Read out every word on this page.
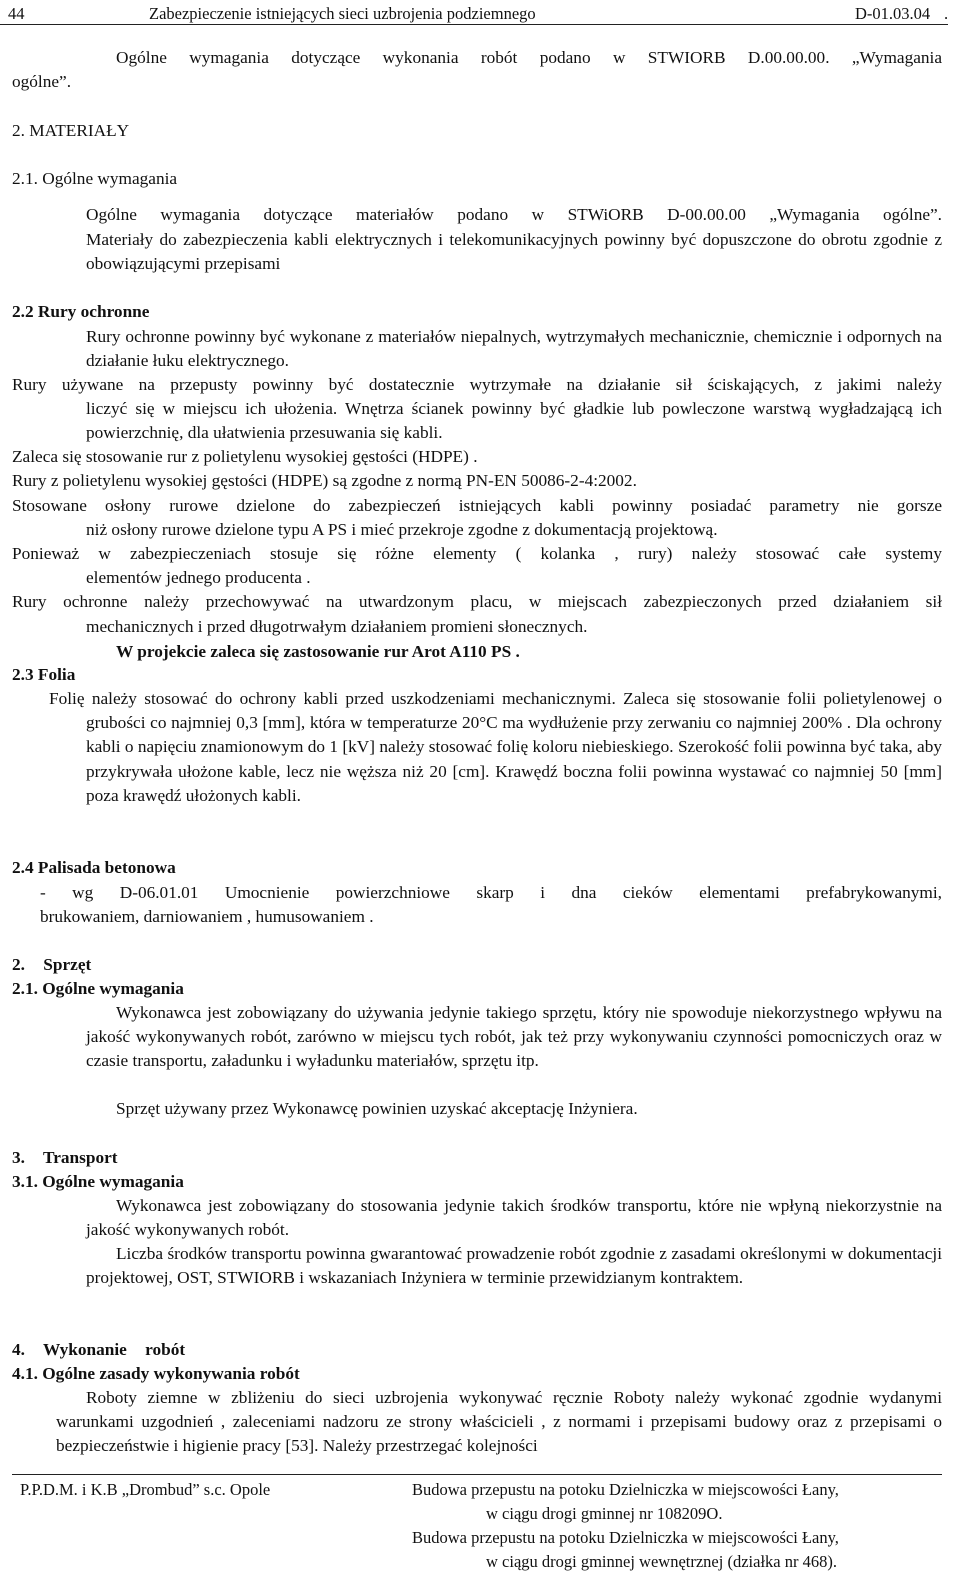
44	Zabezpieczenie istniejących sieci uzbrojenia podziemnego	D-01.03.04 .
Ogólne wymagania dotyczące wykonania robót podano w STWIORB D.00.00.00. „Wymagania
ogólne”.
2. MATERIAŁY
2.1. Ogólne wymagania
Ogólne wymagania dotyczące materiałów podano w STWiORB D-00.00.00 „Wymagania ogólne”.
Materiały do zabezpieczenia kabli elektrycznych i telekomunikacyjnych powinny być dopuszczone do obrotu zgodnie z obowiązującymi przepisami
2.2 Rury ochronne
Rury ochronne powinny być wykonane z materiałów niepalnych, wytrzymałych mechanicznie, chemicznie i odpornych na działanie łuku elektrycznego.
Rury używane na przepusty powinny być dostatecznie wytrzymałe na działanie sił ściskających, z jakimi należy
liczyć się w miejscu ich ułożenia. Wnętrza ścianek powinny być gładkie lub powleczone warstwą wygładzającą ich powierzchnię, dla ułatwienia przesuwania się kabli.
Zaleca się stosowanie rur z polietylenu wysokiej gęstości (HDPE) .
Rury z polietylenu wysokiej gęstości (HDPE) są zgodne z normą PN-EN 50086-2-4:2002.
Stosowane osłony rurowe dzielone do zabezpieczeń istniejących kabli powinny posiadać parametry nie gorsze
niż osłony rurowe dzielone typu A PS i mieć przekroje zgodne z dokumentacją projektową.
Ponieważ w zabezpieczeniach stosuje się różne elementy ( kolanka , rury) należy stosować całe systemy
elementów jednego producenta .
Rury ochronne należy przechowywać na utwardzonym placu, w miejscach zabezpieczonych przed działaniem sił
mechanicznych i przed długotrwałym działaniem promieni słonecznych.
W projekcie zaleca się zastosowanie rur Arot A110 PS .
2.3 Folia
Folię należy stosować do ochrony kabli przed uszkodzeniami mechanicznymi. Zaleca się stosowanie folii polietylenowej o grubości co najmniej 0,3 [mm], która w temperaturze 20°C ma wydłużenie przy zerwaniu co najmniej 200% . Dla ochrony kabli o napięciu znamionowym do 1 [kV] należy stosować folię koloru niebieskiego. Szerokość folii powinna być taka, aby przykrywała ułożone kable, lecz nie węższa niż 20 [cm]. Krawędź boczna folii powinna wystawać co najmniej 50 [mm] poza krawędź ułożonych kabli.
2.4 Palisada betonowa
- wg D-06.01.01 Umocnienie powierzchniowe skarp i dna cieków elementami prefabrykowanymi,
brukowaniem, darniowaniem , humusowaniem .
2. Sprzęt
2.1. Ogólne wymagania
Wykonawca jest zobowiązany do używania jedynie takiego sprzętu, który nie spowoduje niekorzystnego wpływu na jakość wykonywanych robót, zarówno w miejscu tych robót, jak też przy wykonywaniu czynności pomocniczych oraz w czasie transportu, załadunku i wyładunku materiałów, sprzętu itp.
Sprzęt używany przez Wykonawcę powinien uzyskać akceptację Inżyniera.
3. Transport
3.1. Ogólne wymagania
Wykonawca jest zobowiązany do stosowania jedynie takich środków transportu, które nie wpłyną niekorzystnie na jakość wykonywanych robót.
Liczba środków transportu powinna gwarantować prowadzenie robót zgodnie z zasadami określonymi w dokumentacji projektowej, OST, STWIORB i wskazaniach Inżyniera w terminie przewidzianym kontraktem.
4. Wykonanie robót
4.1. Ogólne zasady wykonywania robót
Roboty ziemne w zbliżeniu do sieci uzbrojenia wykonywać ręcznie Roboty należy wykonać zgodnie wydanymi warunkami uzgodnień , zaleceniami nadzoru ze strony właścicieli , z normami i przepisami budowy oraz z przepisami o bezpieczeństwie i higienie pracy [53]. Należy przestrzegać kolejności
P.P.D.M. i K.B „Drombud” s.c. Opole	Budowa przepustu na potoku Dzielniczka w miejscowości Łany,
w ciągu drogi gminnej nr 108209O.
Budowa przepustu na potoku Dzielniczka w miejscowości Łany,
w ciągu drogi gminnej wewnętrznej (działka nr 468).
